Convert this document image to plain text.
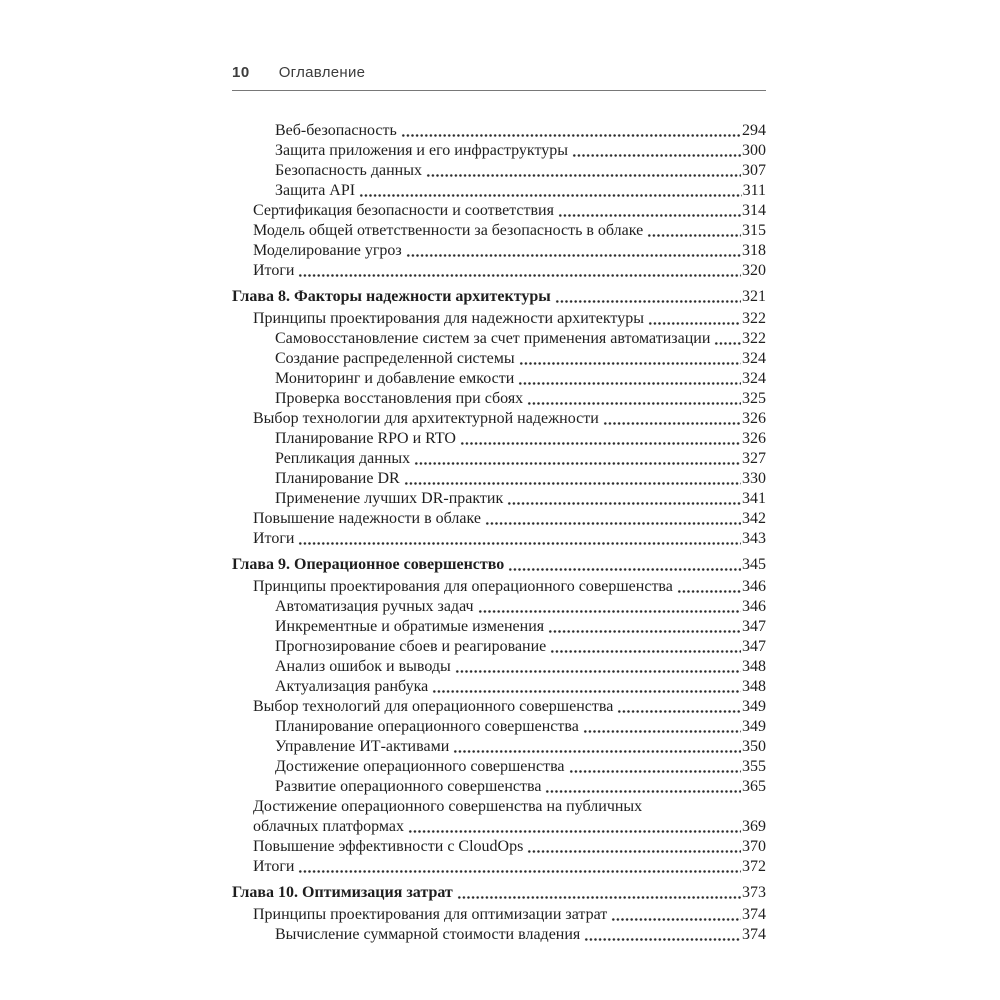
10 Оглавление
Веб-безопасность	294
Защита приложения и его инфраструктуры	300
Безопасность данных	307
Защита API	311
Сертификация безопасности и соответствия	314
Модель общей ответственности за безопасность в облаке	315
Моделирование угроз	318
Итоги	320
Глава 8. Факторы надежности архитектуры	321
Принципы проектирования для надежности архитектуры	322
Самовосстановление систем за счет применения автоматизации 322
Создание распределенной системы	324
Мониторинг и добавление емкости	324
Проверка восстановления при сбоях	325
Выбор технологии для архитектурной надежности	326
Планирование RPO и RTO	326
Репликация данных	327
Планирование DR	330
Применение лучших DR-практик	341
Повышение надежности в облаке	342
Итоги	343
Глава 9. Операционное совершенство	345
Принципы проектирования для операционного совершенства	346
Автоматизация ручных задач	346
Инкрементные и обратимые изменения	347
Прогнозирование сбоев и реагирование	347
Анализ ошибок и выводы	348
Актуализация ранбука	348
Выбор технологий для операционного совершенства	349
Планирование операционного совершенства	349
Управление ИТ-активами	350
Достижение операционного совершенства	355
Развитие операционного совершенства	365
Достижение операционного совершенства на публичных
облачных платформах	369
Повышение эффективности с CloudOps	370
Итоги	372
Глава 10. Оптимизация затрат	373
Принципы проектирования для оптимизации затрат	374
Вычисление суммарной стоимости владения	374
